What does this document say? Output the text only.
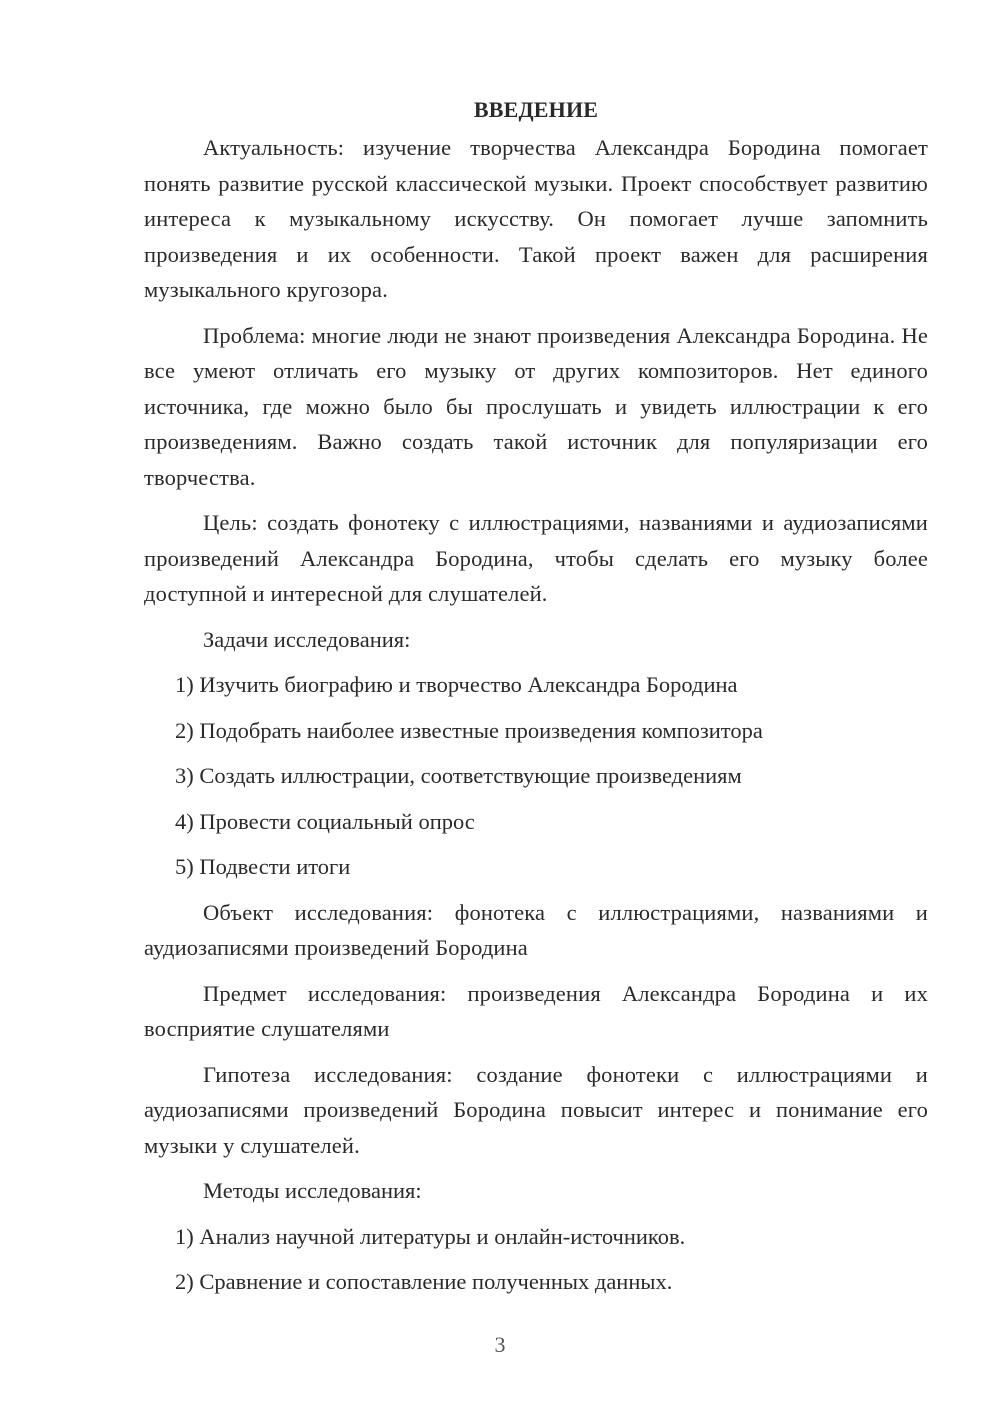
ВВЕДЕНИЕ

Актуальность: изучение творчества Александра Бородина помогает понять развитие русской классической музыки. Проект способствует развитию интереса к музыкальному искусству. Он помогает лучше запомнить произведения и их особенности. Такой проект важен для расширения музыкального кругозора.

Проблема: многие люди не знают произведения Александра Бородина. Не все умеют отличать его музыку от других композиторов. Нет единого источника, где можно было бы прослушать и увидеть иллюстрации к его произведениям. Важно создать такой источник для популяризации его творчества.

Цель: создать фонотеку с иллюстрациями, названиями и аудиозаписями произведений Александра Бородина, чтобы сделать его музыку более доступной и интересной для слушателей.

Задачи исследования:

1) Изучить биографию и творчество Александра Бородина

2) Подобрать наиболее известные произведения композитора

3) Создать иллюстрации, соответствующие произведениям

4) Провести социальный опрос

5) Подвести итоги

Объект исследования: фонотека с иллюстрациями, названиями и аудиозаписями произведений Бородина

Предмет исследования: произведения Александра Бородина и их восприятие слушателями

Гипотеза исследования: создание фонотеки с иллюстрациями и аудиозаписями произведений Бородина повысит интерес и понимание его музыки у слушателей.

Методы исследования:

1) Анализ научной литературы и онлайн-источников.

2) Сравнение и сопоставление полученных данных.

3
